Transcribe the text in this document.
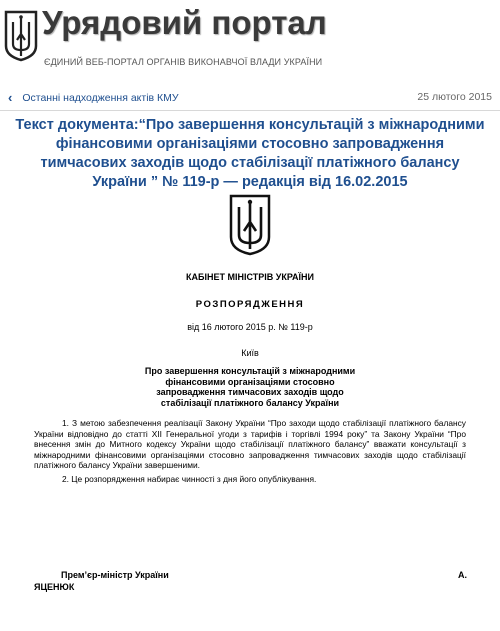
Урядовий портал
ЄДИНИЙ ВЕБ-ПОРТАЛ ОРГАНІВ ВИКОНАВЧОЇ ВЛАДИ УКРАЇНИ
‹ Останні надходження актів КМУ	25 лютого 2015
Текст документа:“Про завершення консультацій з міжнародними фінансовими організаціями стосовно запровадження тимчасових заходів щодо стабілізації платіжного балансу України ” № 119-р — редакція від 16.02.2015
КАБІНЕТ МІНІСТРІВ УКРАЇНИ
РОЗПОРЯДЖЕННЯ
від 16 лютого 2015 р. № 119-р
Київ
Про завершення консультацій з міжнародними фінансовими організаціями стосовно запровадження тимчасових заходів щодо стабілізації платіжного балансу України
1. З метою забезпечення реалізації Закону України “Про заходи щодо стабілізації платіжного балансу України відповідно до статті XII Генеральної угоди з тарифів і торгівлі 1994 року” та Закону України “Про внесення змін до Митного кодексу України щодо стабілізації платіжного балансу” вважати консультації з міжнародними фінансовими організаціями стосовно запровадження тимчасових заходів щодо стабілізації платіжного балансу України завершеними.
2. Це розпорядження набирає чинності з дня його опублікування.
Прем’єр-міністр України	А.
ЯЦЕНЮК
